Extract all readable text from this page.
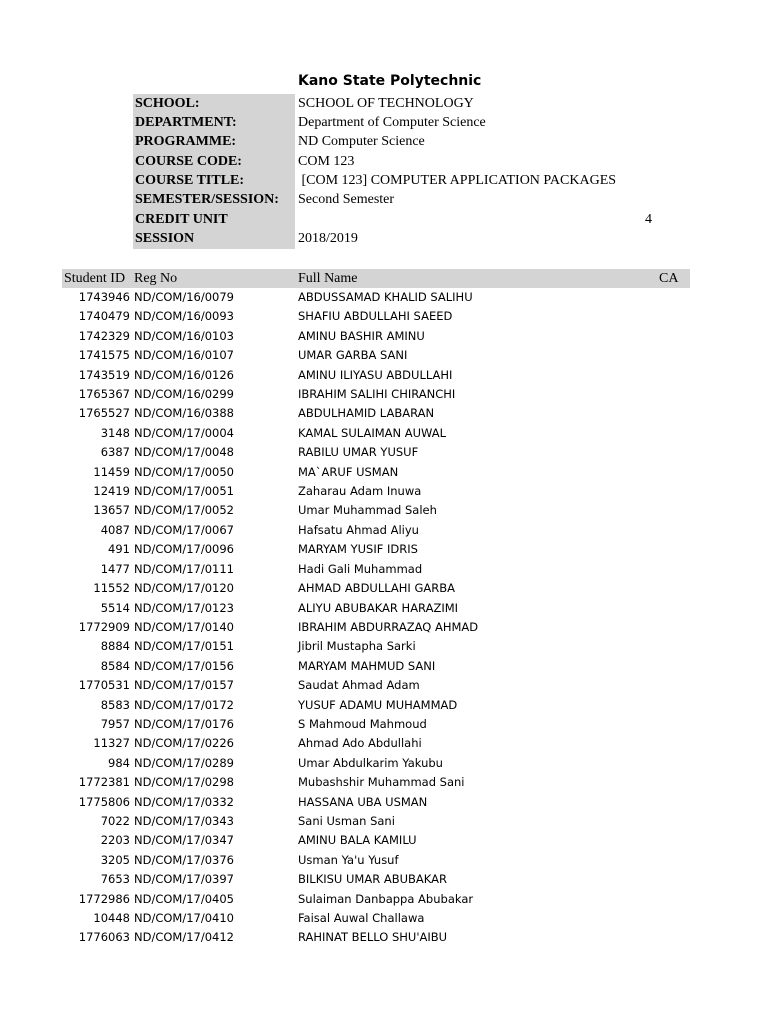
Kano State Polytechnic
SCHOOL:	SCHOOL OF TECHNOLOGY
DEPARTMENT:	Department of Computer Science
PROGRAMME:	ND Computer Science
COURSE CODE:	COM 123
COURSE TITLE:	[COM 123] COMPUTER APPLICATION PACKAGES
SEMESTER/SESSION:	Second Semester
CREDIT UNIT	4
SESSION	2018/2019
Student ID Reg No	Full Name	CA
1743946 ND/COM/16/0079	ABDUSSAMAD KHALID SALIHU
1740479 ND/COM/16/0093	SHAFIU ABDULLAHI SAEED
1742329 ND/COM/16/0103	AMINU BASHIR AMINU
1741575 ND/COM/16/0107	UMAR GARBA SANI
1743519 ND/COM/16/0126	AMINU ILIYASU ABDULLAHI
1765367 ND/COM/16/0299	IBRAHIM SALIHI CHIRANCHI
1765527 ND/COM/16/0388	ABDULHAMID LABARAN
3148 ND/COM/17/0004	KAMAL SULAIMAN AUWAL
6387 ND/COM/17/0048	RABILU UMAR YUSUF
11459 ND/COM/17/0050	MA`ARUF USMAN
12419 ND/COM/17/0051	Zaharau Adam Inuwa
13657 ND/COM/17/0052	Umar Muhammad Saleh
4087 ND/COM/17/0067	Hafsatu Ahmad Aliyu
491 ND/COM/17/0096	MARYAM YUSIF IDRIS
1477 ND/COM/17/0111	Hadi Gali Muhammad
11552 ND/COM/17/0120	AHMAD ABDULLAHI GARBA
5514 ND/COM/17/0123	ALIYU ABUBAKAR HARAZIMI
1772909 ND/COM/17/0140	IBRAHIM ABDURRAZAQ AHMAD
8884 ND/COM/17/0151	Jibril Mustapha Sarki
8584 ND/COM/17/0156	MARYAM MAHMUD SANI
1770531 ND/COM/17/0157	Saudat Ahmad Adam
8583 ND/COM/17/0172	YUSUF ADAMU MUHAMMAD
7957 ND/COM/17/0176	S Mahmoud Mahmoud
11327 ND/COM/17/0226	Ahmad Ado Abdullahi
984 ND/COM/17/0289	Umar Abdulkarim Yakubu
1772381 ND/COM/17/0298	Mubashshir Muhammad Sani
1775806 ND/COM/17/0332	HASSANA UBA USMAN
7022 ND/COM/17/0343	Sani Usman Sani
2203 ND/COM/17/0347	AMINU BALA KAMILU
3205 ND/COM/17/0376	Usman Ya'u Yusuf
7653 ND/COM/17/0397	BILKISU UMAR ABUBAKAR
1772986 ND/COM/17/0405	Sulaiman Danbappa Abubakar
10448 ND/COM/17/0410	Faisal Auwal Challawa
1776063 ND/COM/17/0412	RAHINAT BELLO SHU'AIBU
